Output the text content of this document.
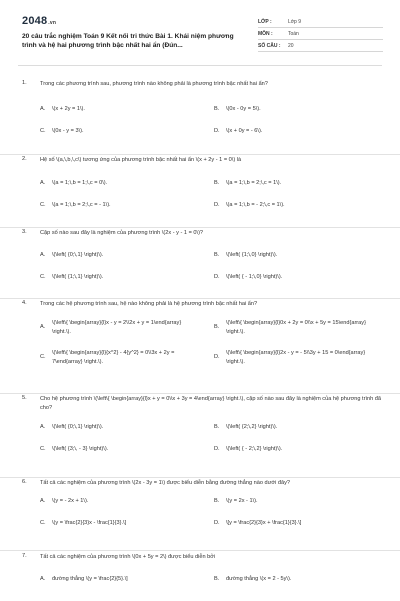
2048.vn
20 câu trắc nghiệm Toán 9 Kết nối tri thức Bài 1. Khái niệm phương trình và hệ hai phương trình bậc nhất hai ẩn (Đún...
LỚP :	Lớp 9
MÔN :	Toán
SỐ CÂU :	20
1. Trong các phương trình sau, phương trình nào không phải là phương trình bậc nhất hai ẩn?
A.	\(x + 2y = 1\).	B.	\(0x - 0y = 5\).
C.	\(0x - y = 3\).	D.	\(x + 0y = - 6\).
2. Hệ số \(a,\,b,\,c\) tương ứng của phương trình bậc nhất hai ẩn \(x + 2y - 1 = 0\) là
A.	\(a = 1;\,b = 1;\,c = 0\).	B.	\(a = 1;\,b = 2;\,c = 1\).
C.	\(a = 1;\,b = 2;\,c = - 1\).	D.	\(a = 1;\,b = - 2;\,c = 1\).
3. Cặp số nào sau đây là nghiệm của phương trình \(2x - y - 1 = 0\)?
A.	\(\left( {0;\,1} \right)\).	B.	\(\left( {1;\,0} \right)\).
C.	\(\left( {1;\,1} \right)\).	D.	\(\left( { - 1;\,0} \right)\).
4. Trong các hệ phương trình sau, hệ nào không phải là hệ phương trình bậc nhất hai ẩn?
A.
\(\left\{ \begin{array}{l}x - y = 2\\2x + y = 1\end{array} \right.\).
B.
\(\left\{ \begin{array}{l}0x + 2y = 0\\x + 5y = 15\end{array} \right.\).
C.
\(\left\{ \begin{array}{l}{x^2} - 4{y^2} = 0\\3x + 2y = 7\end{array} \right.\).
D.
\(\left\{ \begin{array}{l}2x - y = - 5\\3y + 15 = 0\end{array} \right.\).
5. Cho hệ phương trình \(\left\{ \begin{array}{l}x + y = 0\\x + 3y = 4\end{array} \right.\), cặp số nào sau đây là nghiệm của hệ phương trình đã cho?
A.	\(\left( {0;\,1} \right)\).	B.	\(\left( {2;\,2} \right)\).
C.	\(\left( {3;\, - 3} \right)\).	D.	\(\left( { - 2;\,2} \right)\).
6. Tất cả các nghiệm của phương trình \(2x - 3y = 1\) được biểu diễn bằng đường thẳng nào dưới đây?
A.	\(y = - 2x + 1\).	B.	\(y = 2x - 1\).
C.	\(y = \frac{2}{3}x - \frac{1}{3}.\]	D.	\[y = \frac{2}{3}x + \frac{1}{3}.\]
7. Tất cả các nghiệm của phương trình \(0x + 5y = 2\) được biểu diễn bởi
A.	đường thẳng \(y = \frac{2}{5}.\]	B.	đường thẳng \(x = 2 - 5y\).
